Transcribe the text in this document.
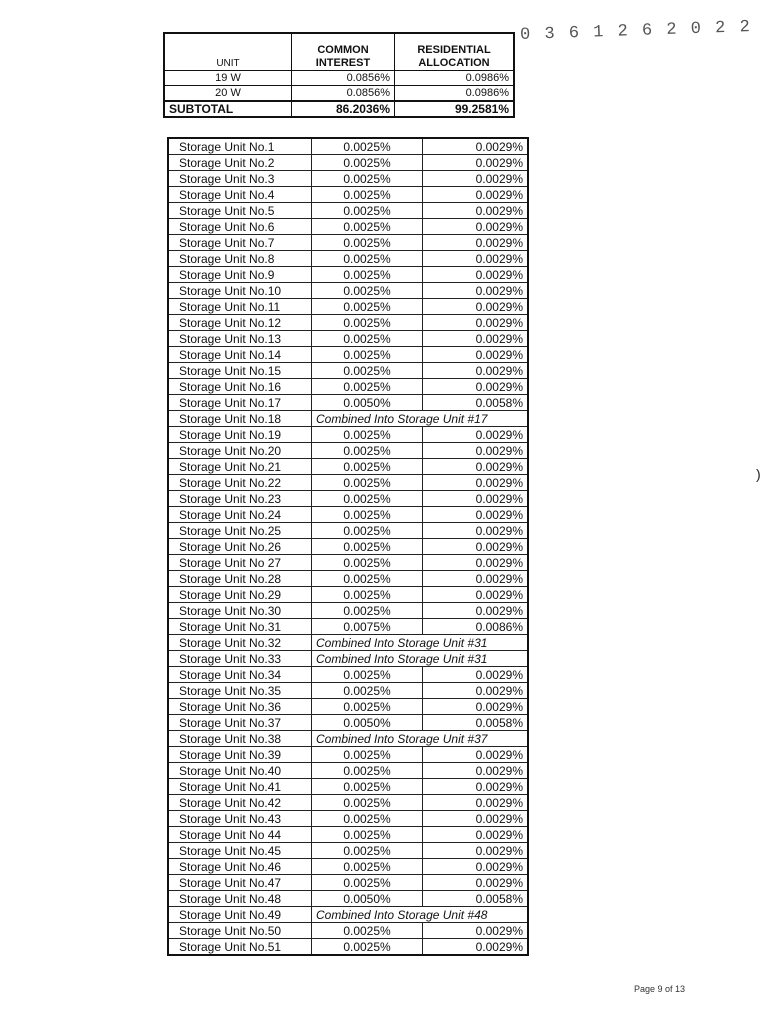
0 3 6 1 2 6 2 0 2 2
UNIT	COMMON INTEREST	RESIDENTIAL ALLOCATION
19 W	0.0856%	0.0986%
20 W	0.0856%	0.0986%
SUBTOTAL	86.2036%	99.2581%
Storage Unit No.1	0.0025%	0.0029%
Storage Unit No.2	0.0025%	0.0029%
Storage Unit No.3	0.0025%	0.0029%
Storage Unit No.4	0.0025%	0.0029%
Storage Unit No.5	0.0025%	0.0029%
Storage Unit No.6	0.0025%	0.0029%
Storage Unit No.7	0.0025%	0.0029%
Storage Unit No.8	0.0025%	0.0029%
Storage Unit No.9	0.0025%	0.0029%
Storage Unit No.10	0.0025%	0.0029%
Storage Unit No.11	0.0025%	0.0029%
Storage Unit No.12	0.0025%	0.0029%
Storage Unit No.13	0.0025%	0.0029%
Storage Unit No.14	0.0025%	0.0029%
Storage Unit No.15	0.0025%	0.0029%
Storage Unit No.16	0.0025%	0.0029%
Storage Unit No.17	0.0050%	0.0058%
Storage Unit No.18	Combined Into Storage Unit #17	
Storage Unit No.19	0.0025%	0.0029%
Storage Unit No.20	0.0025%	0.0029%
Storage Unit No.21	0.0025%	0.0029%
Storage Unit No.22	0.0025%	0.0029%
Storage Unit No.23	0.0025%	0.0029%
Storage Unit No.24	0.0025%	0.0029%
Storage Unit No.25	0.0025%	0.0029%
Storage Unit No.26	0.0025%	0.0029%
Storage Unit No 27	0.0025%	0.0029%
Storage Unit No.28	0.0025%	0.0029%
Storage Unit No.29	0.0025%	0.0029%
Storage Unit No.30	0.0025%	0.0029%
Storage Unit No.31	0.0075%	0.0086%
Storage Unit No.32	Combined Into Storage Unit #31	
Storage Unit No.33	Combined Into Storage Unit #31	
Storage Unit No.34	0.0025%	0.0029%
Storage Unit No.35	0.0025%	0.0029%
Storage Unit No.36	0.0025%	0.0029%
Storage Unit No.37	0.0050%	0.0058%
Storage Unit No.38	Combined Into Storage Unit #37	
Storage Unit No.39	0.0025%	0.0029%
Storage Unit No.40	0.0025%	0.0029%
Storage Unit No.41	0.0025%	0.0029%
Storage Unit No.42	0.0025%	0.0029%
Storage Unit No.43	0.0025%	0.0029%
Storage Unit No 44	0.0025%	0.0029%
Storage Unit No.45	0.0025%	0.0029%
Storage Unit No.46	0.0025%	0.0029%
Storage Unit No.47	0.0025%	0.0029%
Storage Unit No.48	0.0050%	0.0058%
Storage Unit No.49	Combined Into Storage Unit #48	
Storage Unit No.50	0.0025%	0.0029%
Storage Unit No.51	0.0025%	0.0029%
Page 9 of 13
)
